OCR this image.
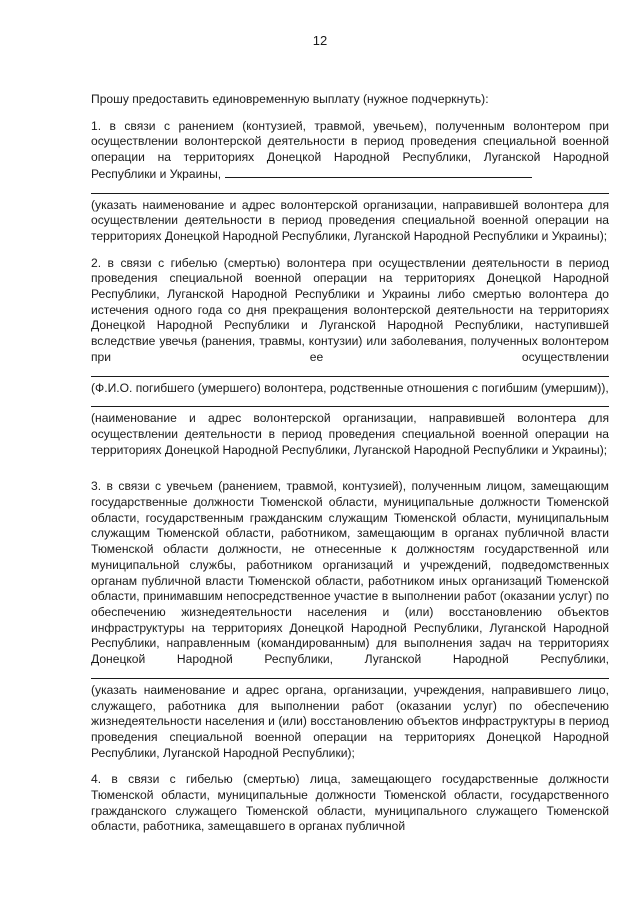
12

Прошу предоставить единовременную выплату (нужное подчеркнуть):

1. в связи с ранением (контузией, травмой, увечьем), полученным волонтером при осуществлении волонтерской деятельности в период проведения специальной военной операции на территориях Донецкой Народной Республики, Луганской Народной Республики и Украины,

(указать наименование и адрес волонтерской организации, направившей волонтера для осуществлении деятельности в период проведения специальной военной операции на территориях Донецкой Народной Республики, Луганской Народной Республики и Украины);

2. в связи с гибелью (смертью) волонтера при осуществлении деятельности в период проведения специальной военной операции на территориях Донецкой Народной Республики, Луганской Народной Республики и Украины либо смертью волонтера до истечения одного года со дня прекращения волонтерской деятельности на территориях Донецкой Народной Республики и Луганской Народной Республики, наступившей вследствие увечья (ранения, травмы, контузии) или заболевания, полученных волонтером при ее осуществлении

(Ф.И.О. погибшего (умершего) волонтера, родственные отношения с погибшим (умершим)),

(наименование и адрес волонтерской организации, направившей волонтера для осуществлении деятельности в период проведения специальной военной операции на территориях Донецкой Народной Республики, Луганской Народной Республики и Украины);

3. в связи с увечьем (ранением, травмой, контузией), полученным лицом, замещающим государственные должности Тюменской области, муниципальные должности Тюменской области, государственным гражданским служащим Тюменской области, муниципальным служащим Тюменской области, работником, замещающим в органах публичной власти Тюменской области должности, не отнесенные к должностям государственной или муниципальной службы, работником организаций и учреждений, подведомственных органам публичной власти Тюменской области, работником иных организаций Тюменской области, принимавшим непосредственное участие в выполнении работ (оказании услуг) по обеспечению жизнедеятельности населения и (или) восстановлению объектов инфраструктуры на территориях Донецкой Народной Республики, Луганской Народной Республики, направленным (командированным) для выполнения задач на территориях Донецкой Народной Республики, Луганской Народной Республики,

(указать наименование и адрес органа, организации, учреждения, направившего лицо, служащего, работника для выполнении работ (оказании услуг) по обеспечению жизнедеятельности населения и (или) восстановлению объектов инфраструктуры в период проведения специальной военной операции на территориях Донецкой Народной Республики, Луганской Народной Республики);

4. в связи с гибелью (смертью) лица, замещающего государственные должности Тюменской области, муниципальные должности Тюменской области, государственного гражданского служащего Тюменской области, муниципального служащего Тюменской области, работника, замещавшего в органах публичной
